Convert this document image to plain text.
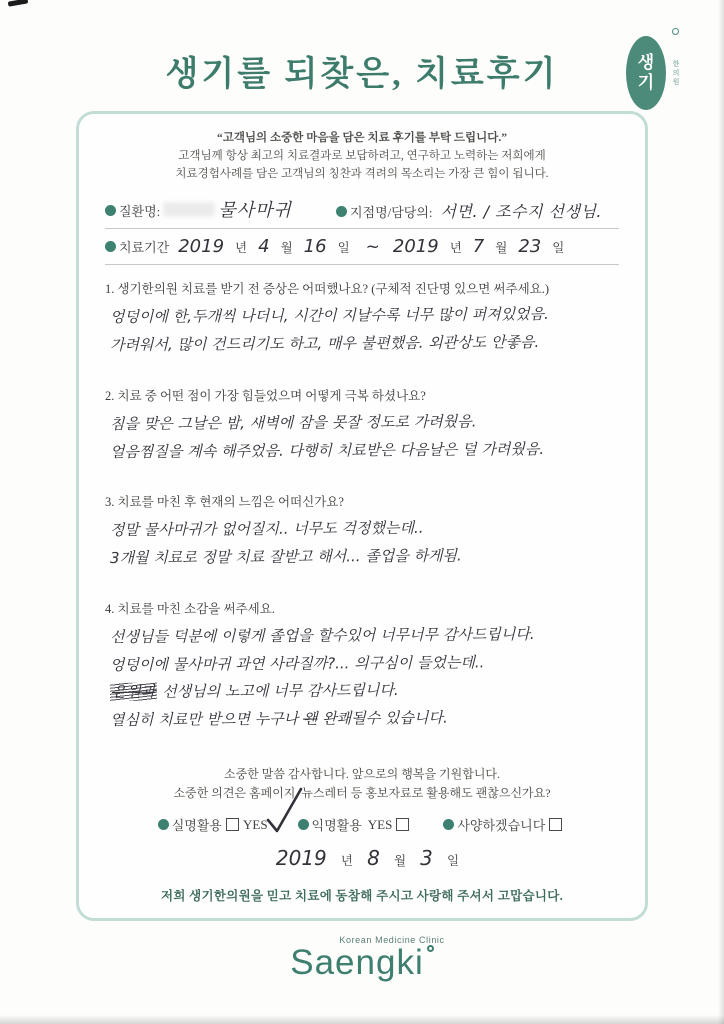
생기를 되찾은, 치료후기	생
기	한의원

“고객님의 소중한 마음을 담은 치료 후기를 부탁 드립니다.”

고객님께 항상 최고의 치료결과로 보답하려고, 연구하고 노력하는 저희에게

치료경험사례를 담은 고객님의 칭찬과 격려의 목소리는 가장 큰 힘이 됩니다.

질환명:	물사마귀	지점명/담당의: 서면. / 조수지 선생님.
치료기간 2019 년 4 월 16 일 ~ 2019 년 7 월 23 일
1. 생기한의원 치료를 받기 전 증상은 어떠했나요? (구체적 진단명 있으면 써주세요.)
엉덩이에 한,두개씩 나더니, 시간이 지날수록 너무 많이 퍼져있었음.
가려워서, 많이 건드리기도 하고, 매우 불편했음. 외관상도 안좋음.
2. 치료 중 어떤 점이 가장 힘들었으며 어떻게 극복 하셨나요?
침을 맞은 그날은 밤, 새벽에 잠을 못잘 정도로 가려웠음.
얼음찜질을 계속 해주었음. 다행히 치료받은 다음날은 덜 가려웠음.
3. 치료를 마친 후 현재의 느낌은 어떠신가요?
정말 물사마귀가 없어질지.. 너무도 걱정했는데..
3개월 치료로 정말 치료 잘받고 해서... 졸업을 하게됨.
4. 치료를 마친 소감을 써주세요.
선생님들 덕분에 이렇게 졸업을 할수있어 너무너무 감사드립니다.
엉덩이에 물사마귀 과연 사라질까?... 의구심이 들었는데..
은원과 선생님의 노고에 너무 감사드립니다.
열심히 치료만 받으면 누구나 왠 완쾌될수 있습니다.

소중한 말씀 감사합니다. 앞으로의 행복을 기원합니다.

소중한 의견은 홈페이지, 뉴스레터 등 홍보자료로 활용해도 괜찮으신가요?

실명활용 YES	익명활용 YES	사양하겠습니다
2019 년 8 월 3 일
저희 생기한의원을 믿고 치료에 동참해 주시고 사랑해 주셔서 고맙습니다.
Korean Medicine Clinic
Saengki
